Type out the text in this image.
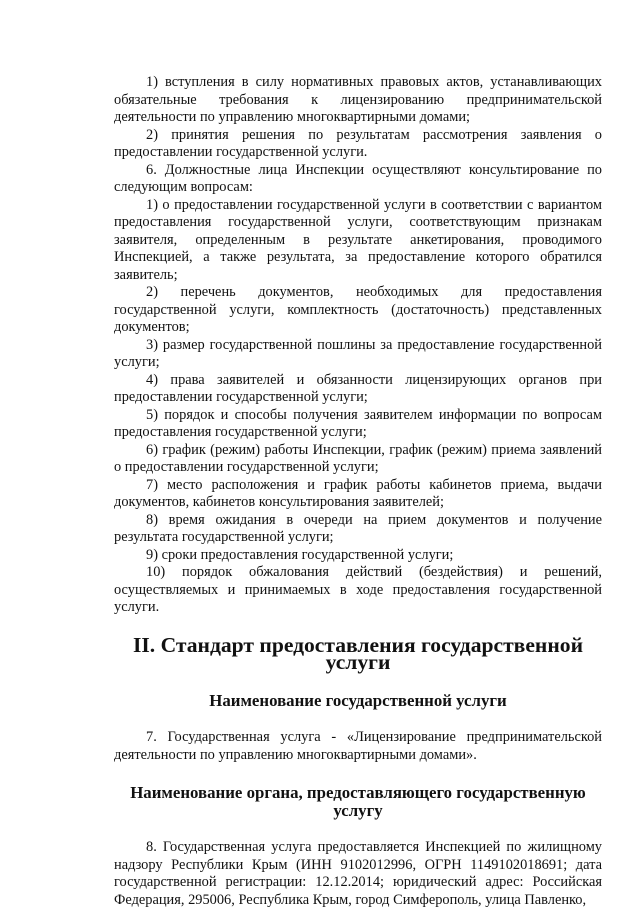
1) вступления в силу нормативных правовых актов, устанавливающих обязательные требования к лицензированию предпринимательской деятельности по управлению многоквартирными домами;

2) принятия решения по результатам рассмотрения заявления о предоставлении государственной услуги.

6. Должностные лица Инспекции осуществляют консультирование по следующим вопросам:

1) о предоставлении государственной услуги в соответствии с вариантом предоставления государственной услуги, соответствующим признакам заявителя, определенным в результате анкетирования, проводимого Инспекцией, а также результата, за предоставление которого обратился заявитель;

2) перечень документов, необходимых для предоставления государственной услуги, комплектность (достаточность) представленных документов;

3) размер государственной пошлины за предоставление государственной услуги;

4) права заявителей и обязанности лицензирующих органов при предоставлении государственной услуги;

5) порядок и способы получения заявителем информации по вопросам предоставления государственной услуги;

6) график (режим) работы Инспекции, график (режим) приема заявлений о предоставлении государственной услуги;

7) место расположения и график работы кабинетов приема, выдачи документов, кабинетов консультирования заявителей;

8) время ожидания в очереди на прием документов и получение результата государственной услуги;

9) сроки предоставления государственной услуги;

10) порядок обжалования действий (бездействия) и решений, осуществляемых и принимаемых в ходе предоставления государственной услуги.

II. Стандарт предоставления государственной услуги
Наименование государственной услуги

7. Государственная услуга - «Лицензирование предпринимательской деятельности по управлению многоквартирными домами».

Наименование органа, предоставляющего государственную услугу

8. Государственная услуга предоставляется Инспекцией по жилищному надзору Республики Крым (ИНН 9102012996, ОГРН 1149102018691; дата государственной регистрации: 12.12.2014; юридический адрес: Российская Федерация, 295006, Республика Крым, город Симферополь, улица Павленко,
